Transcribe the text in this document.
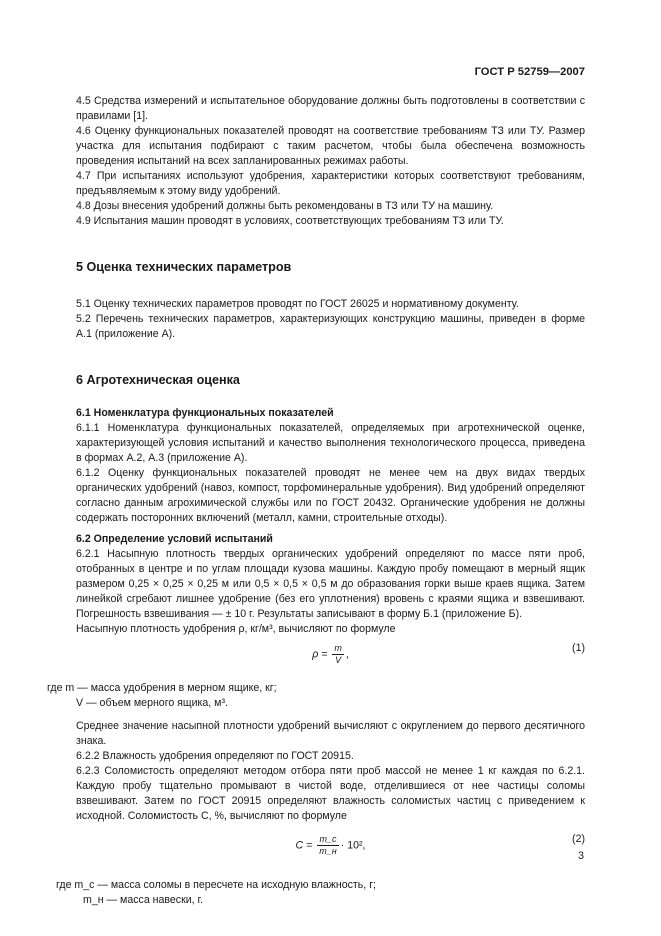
ГОСТ Р 52759—2007

4.5 Средства измерений и испытательное оборудование должны быть подготовлены в соответствии с правилами [1].

4.6 Оценку функциональных показателей проводят на соответствие требованиям ТЗ или ТУ. Размер участка для испытания подбирают с таким расчетом, чтобы была обеспечена возможность проведения испытаний на всех запланированных режимах работы.

4.7 При испытаниях используют удобрения, характеристики которых соответствуют требованиям, предъявляемым к этому виду удобрений.

4.8 Дозы внесения удобрений должны быть рекомендованы в ТЗ или ТУ на машину.

4.9 Испытания машин проводят в условиях, соответствующих требованиям ТЗ или ТУ.

5 Оценка технических параметров

5.1 Оценку технических параметров проводят по ГОСТ 26025 и нормативному документу.

5.2 Перечень технических параметров, характеризующих конструкцию машины, приведен в форме А.1 (приложение А).

6 Агротехническая оценка

6.1 Номенклатура функциональных показателей

6.1.1 Номенклатура функциональных показателей, определяемых при агротехнической оценке, характеризующей условия испытаний и качество выполнения технологического процесса, приведена в формах А.2, А.3 (приложение А).

6.1.2 Оценку функциональных показателей проводят не менее чем на двух видах твердых органических удобрений (навоз, компост, торфоминеральные удобрения). Вид удобрений определяют согласно данным агрохимической службы или по ГОСТ 20432. Органические удобрения не должны содержать посторонних включений (металл, камни, строительные отходы).

6.2 Определение условий испытаний

6.2.1 Насыпную плотность твердых органических удобрений определяют по массе пяти проб, отобранных в центре и по углам площади кузова машины. Каждую пробу помещают в мерный ящик размером 0,25 × 0,25 × 0,25 м или 0,5 × 0,5 × 0,5 м до образования горки выше краев ящика. Затем линейкой сгребают лишнее удобрение (без его уплотнения) вровень с краями ящика и взвешивают. Погрешность взвешивания — ± 10 г. Результаты записывают в форму Б.1 (приложение Б).

Насыпную плотность удобрения ρ, кг/м³, вычисляют по формуле

$\rho = \frac{m}{V}$ ,
(1)
где m — масса удобрения в мерном ящике, кг;
V — объем мерного ящика, м³.

Среднее значение насыпной плотности удобрений вычисляют с округлением до первого десятичного знака.

6.2.2 Влажность удобрения определяют по ГОСТ 20915.

6.2.3 Соломистость определяют методом отбора пяти проб массой не менее 1 кг каждая по 6.2.1. Каждую пробу тщательно промывают в чистой воде, отделившиеся от нее частицы соломы взвешивают. Затем по ГОСТ 20915 определяют влажность соломистых частиц с приведением к исходной. Соломистость C, %, вычисляют по формуле

$C = \frac{m\_c}{m\_н} \cdot 10^2$,
(2)
где m_c — масса соломы в пересчете на исходную влажность, г;
m_н — масса навески, г.
3
